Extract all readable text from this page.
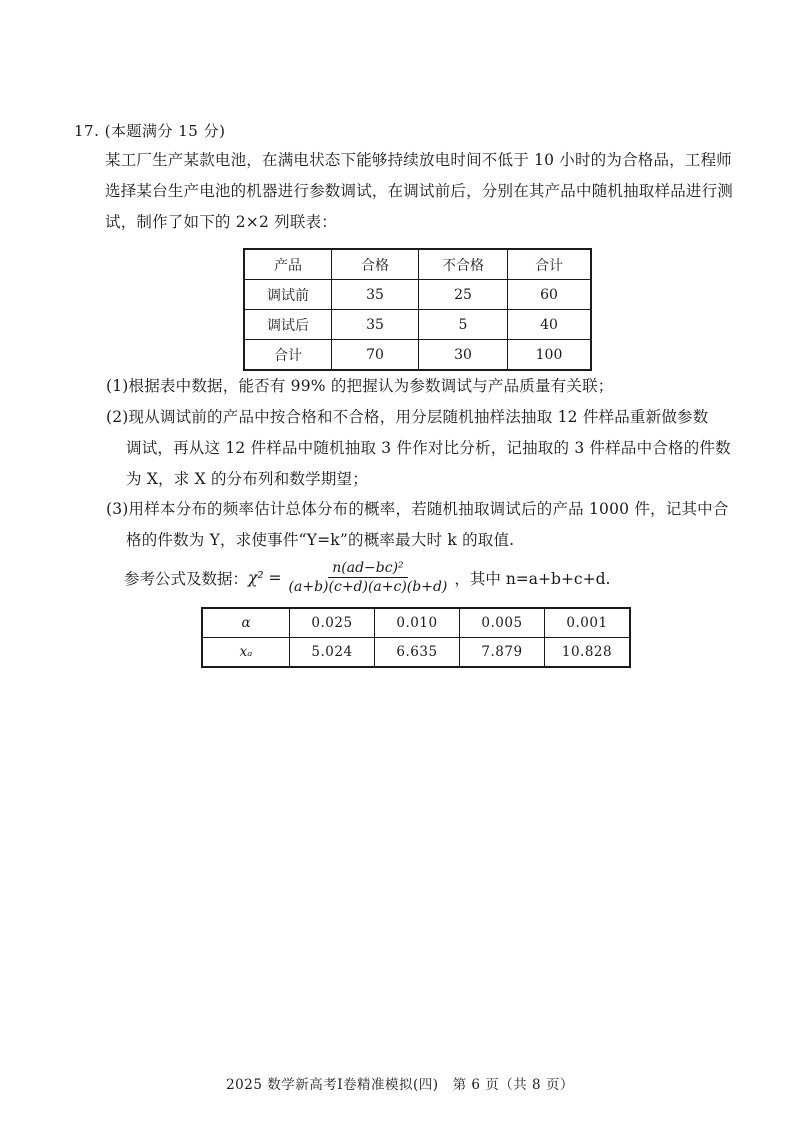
17. (本题满分 15 分)
某工厂生产某款电池，在满电状态下能够持续放电时间不低于 10 小时的为合格品，工程师选择某台生产电池的机器进行参数调试，在调试前后，分别在其产品中随机抽取样品进行测试，制作了如下的 2×2 列联表：
产品	合格	不合格	合计
调试前	35	25	60
调试后	35	5	40
合计	70	30	100
(1)根据表中数据，能否有 99% 的把握认为参数调试与产品质量有关联；
(2)现从调试前的产品中按合格和不合格，用分层随机抽样法抽取 12 件样品重新做参数
调试，再从这 12 件样品中随机抽取 3 件作对比分析，记抽取的 3 件样品中合格的件数为 X，求 X 的分布列和数学期望；
(3)用样本分布的频率估计总体分布的概率，若随机抽取调试后的产品 1000 件，记其中合
格的件数为 Y，求使事件“Y=k”的概率最大时 k 的取值.
参考公式及数据： $\chi^2 = \frac{\text{n(ad−bc)²}}{(a+b)(c+d)(a+c)(b+d)}$ ，其中 n=a+b+c+d.
α	0.025	0.010	0.005	0.001
xₐ	5.024	6.635	7.879	10.828
2025 数学新高考Ⅰ卷精准模拟(四)　第 6 页（共 8 页）
